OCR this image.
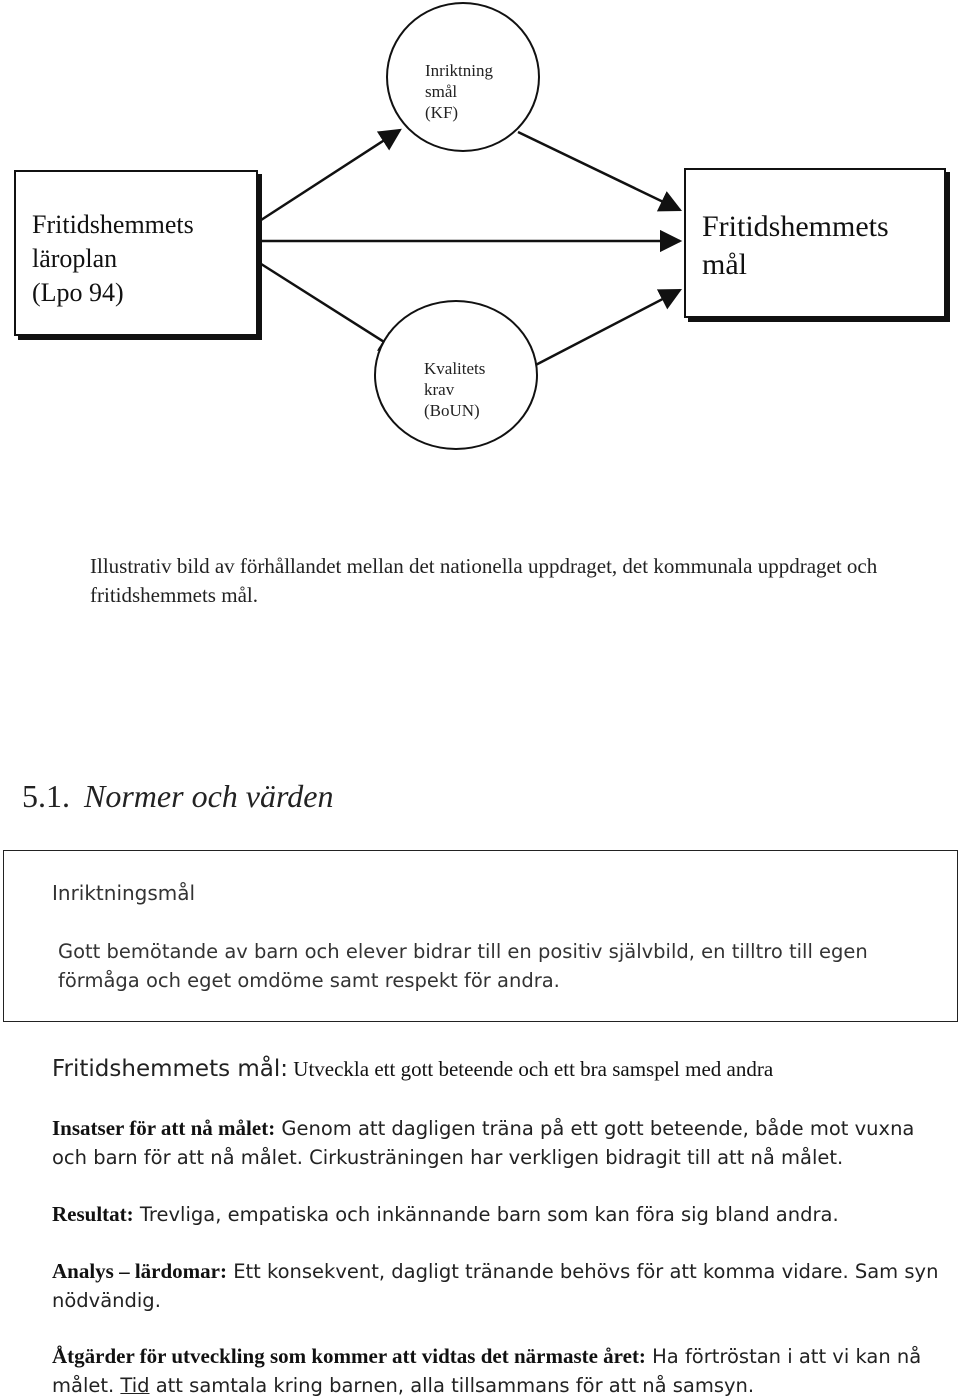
Fritidshemmets
läroplan
(Lpo 94)
Fritidshemmets
mål
Inriktning
smål
(KF)
Kvalitets
krav
(BoUN)
Illustrativ bild av förhållandet mellan det nationella uppdraget, det kommunala uppdraget och fritidshemmets mål.
5.1. Normer och värden
Inriktningsmål
Gott bemötande av barn och elever bidrar till en positiv självbild, en tilltro till egen förmåga och eget omdöme samt respekt för andra.
Fritidshemmets mål: Utveckla ett gott beteende och ett bra samspel med andra
Insatser för att nå målet: Genom att dagligen träna på ett gott beteende, både mot vuxna och barn för att nå målet. Cirkusträningen har verkligen bidragit till att nå målet.
Resultat: Trevliga, empatiska och inkännande barn som kan föra sig bland andra.
Analys – lärdomar: Ett konsekvent, dagligt tränande behövs för att komma vidare. Sam syn nödvändig.
Åtgärder för utveckling som kommer att vidtas det närmaste året: Ha förtröstan i att vi kan nå målet. Tid att samtala kring barnen, alla tillsammans för att nå samsyn.
